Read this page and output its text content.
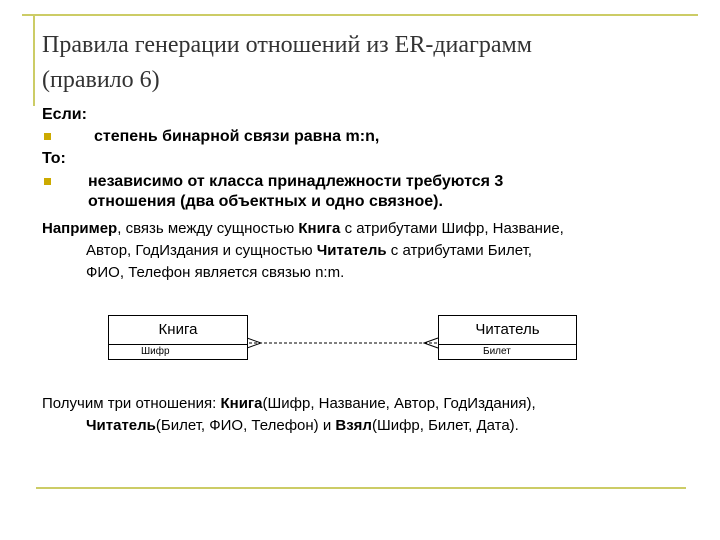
Правила генерации отношений из ER-диаграмм
(правило 6)
Если:
степень бинарной связи равна m:n,
То:
независимо от класса принадлежности требуются 3
отношения (два объектных и одно связное).
Например, связь между сущностью Книга с атрибутами Шифр, Название,
Автор, ГодИздания и сущностью Читатель с атрибутами Билет,
ФИО, Телефон является связью n:m.
Книга
Шифр
Читатель
Билет
Получим три отношения: Книга(Шифр, Название, Автор, ГодИздания),
Читатель(Билет, ФИО, Телефон) и Взял(Шифр, Билет, Дата).
